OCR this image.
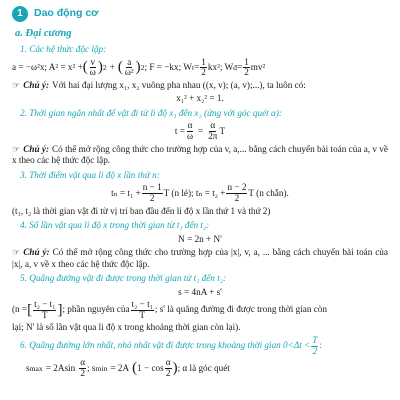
1	Dao động cơ
a. Đại cương
1. Các hệ thức độc lập:
a = −ω²x; A² = x² + ( $\frac{v}{\omega}$ ) 2 + ( $\frac{a}{\text{ω²}}$ ) 2 ; F = −kx; W $t = \frac{1}{2} kx^2$; W đ = $\frac{1}{2} mv^2$
☞ Chú ý: Với hai đại lượng x₁, x₂ vuông pha nhau ((x, v); (a, v);...), ta luôn có:
x₁² + x₂² = 1.
2. Thời gian ngắn nhất để vật đi từ li độ x₁ đến x₂ (ứng với góc quét α):
$t = \frac{\alpha}{\omega} = \frac{\alpha}{2\pi}$ T
☞ Chú ý: Có thể mở rộng công thức cho trường hợp của v, a,... bằng cách chuyển bài toán của a, v về x theo các hệ thức độc lập.
3. Thời điểm vật qua li độ x lần thứ n:
$t_n = t_1 + \frac{n - 1}{2}$ T (n lẻ); $t_n = t_2 + \frac{n - 2}{2}$ T (n chẵn).
(t₁, t₂ là thời gian vật đi từ vị trí ban đầu đến li độ x lần thứ 1 và thứ 2)
4. Số lần vật qua li độ x trong thời gian từ t₁ đến t₂:
N = 2n + N'
☞ Chú ý: Có thể mở rộng công thức cho trường hợp của |x|, v, a, ... bằng cách chuyển bài toán của |x|, a, v về x theo các hệ thức độc lập.
5. Quãng đường vật đi được trong thời gian từ t₁ đến t₂:
s = 4nA + s'
(n = [ $\frac{\text{t₂ − t₁}}{T}$ ] ; phần nguyên của $\frac{\text{t₂ − t₁}}{T}$ ; s' là quãng đường đi được trong thời gian còn
lại; N' là số lần vật qua li độ x trong khoảng thời gian còn lại).
6. Quãng đường lớn nhất, nhỏ nhất vật đi được trong khoảng thời gian $0<\Delta t < \frac{T}{2}$ :
s $\max = 2Asin \frac{\alpha}{2}$ ; s min = 2A ( $1 - \cos \frac{\alpha}{2}$ ) ; α là góc quét
